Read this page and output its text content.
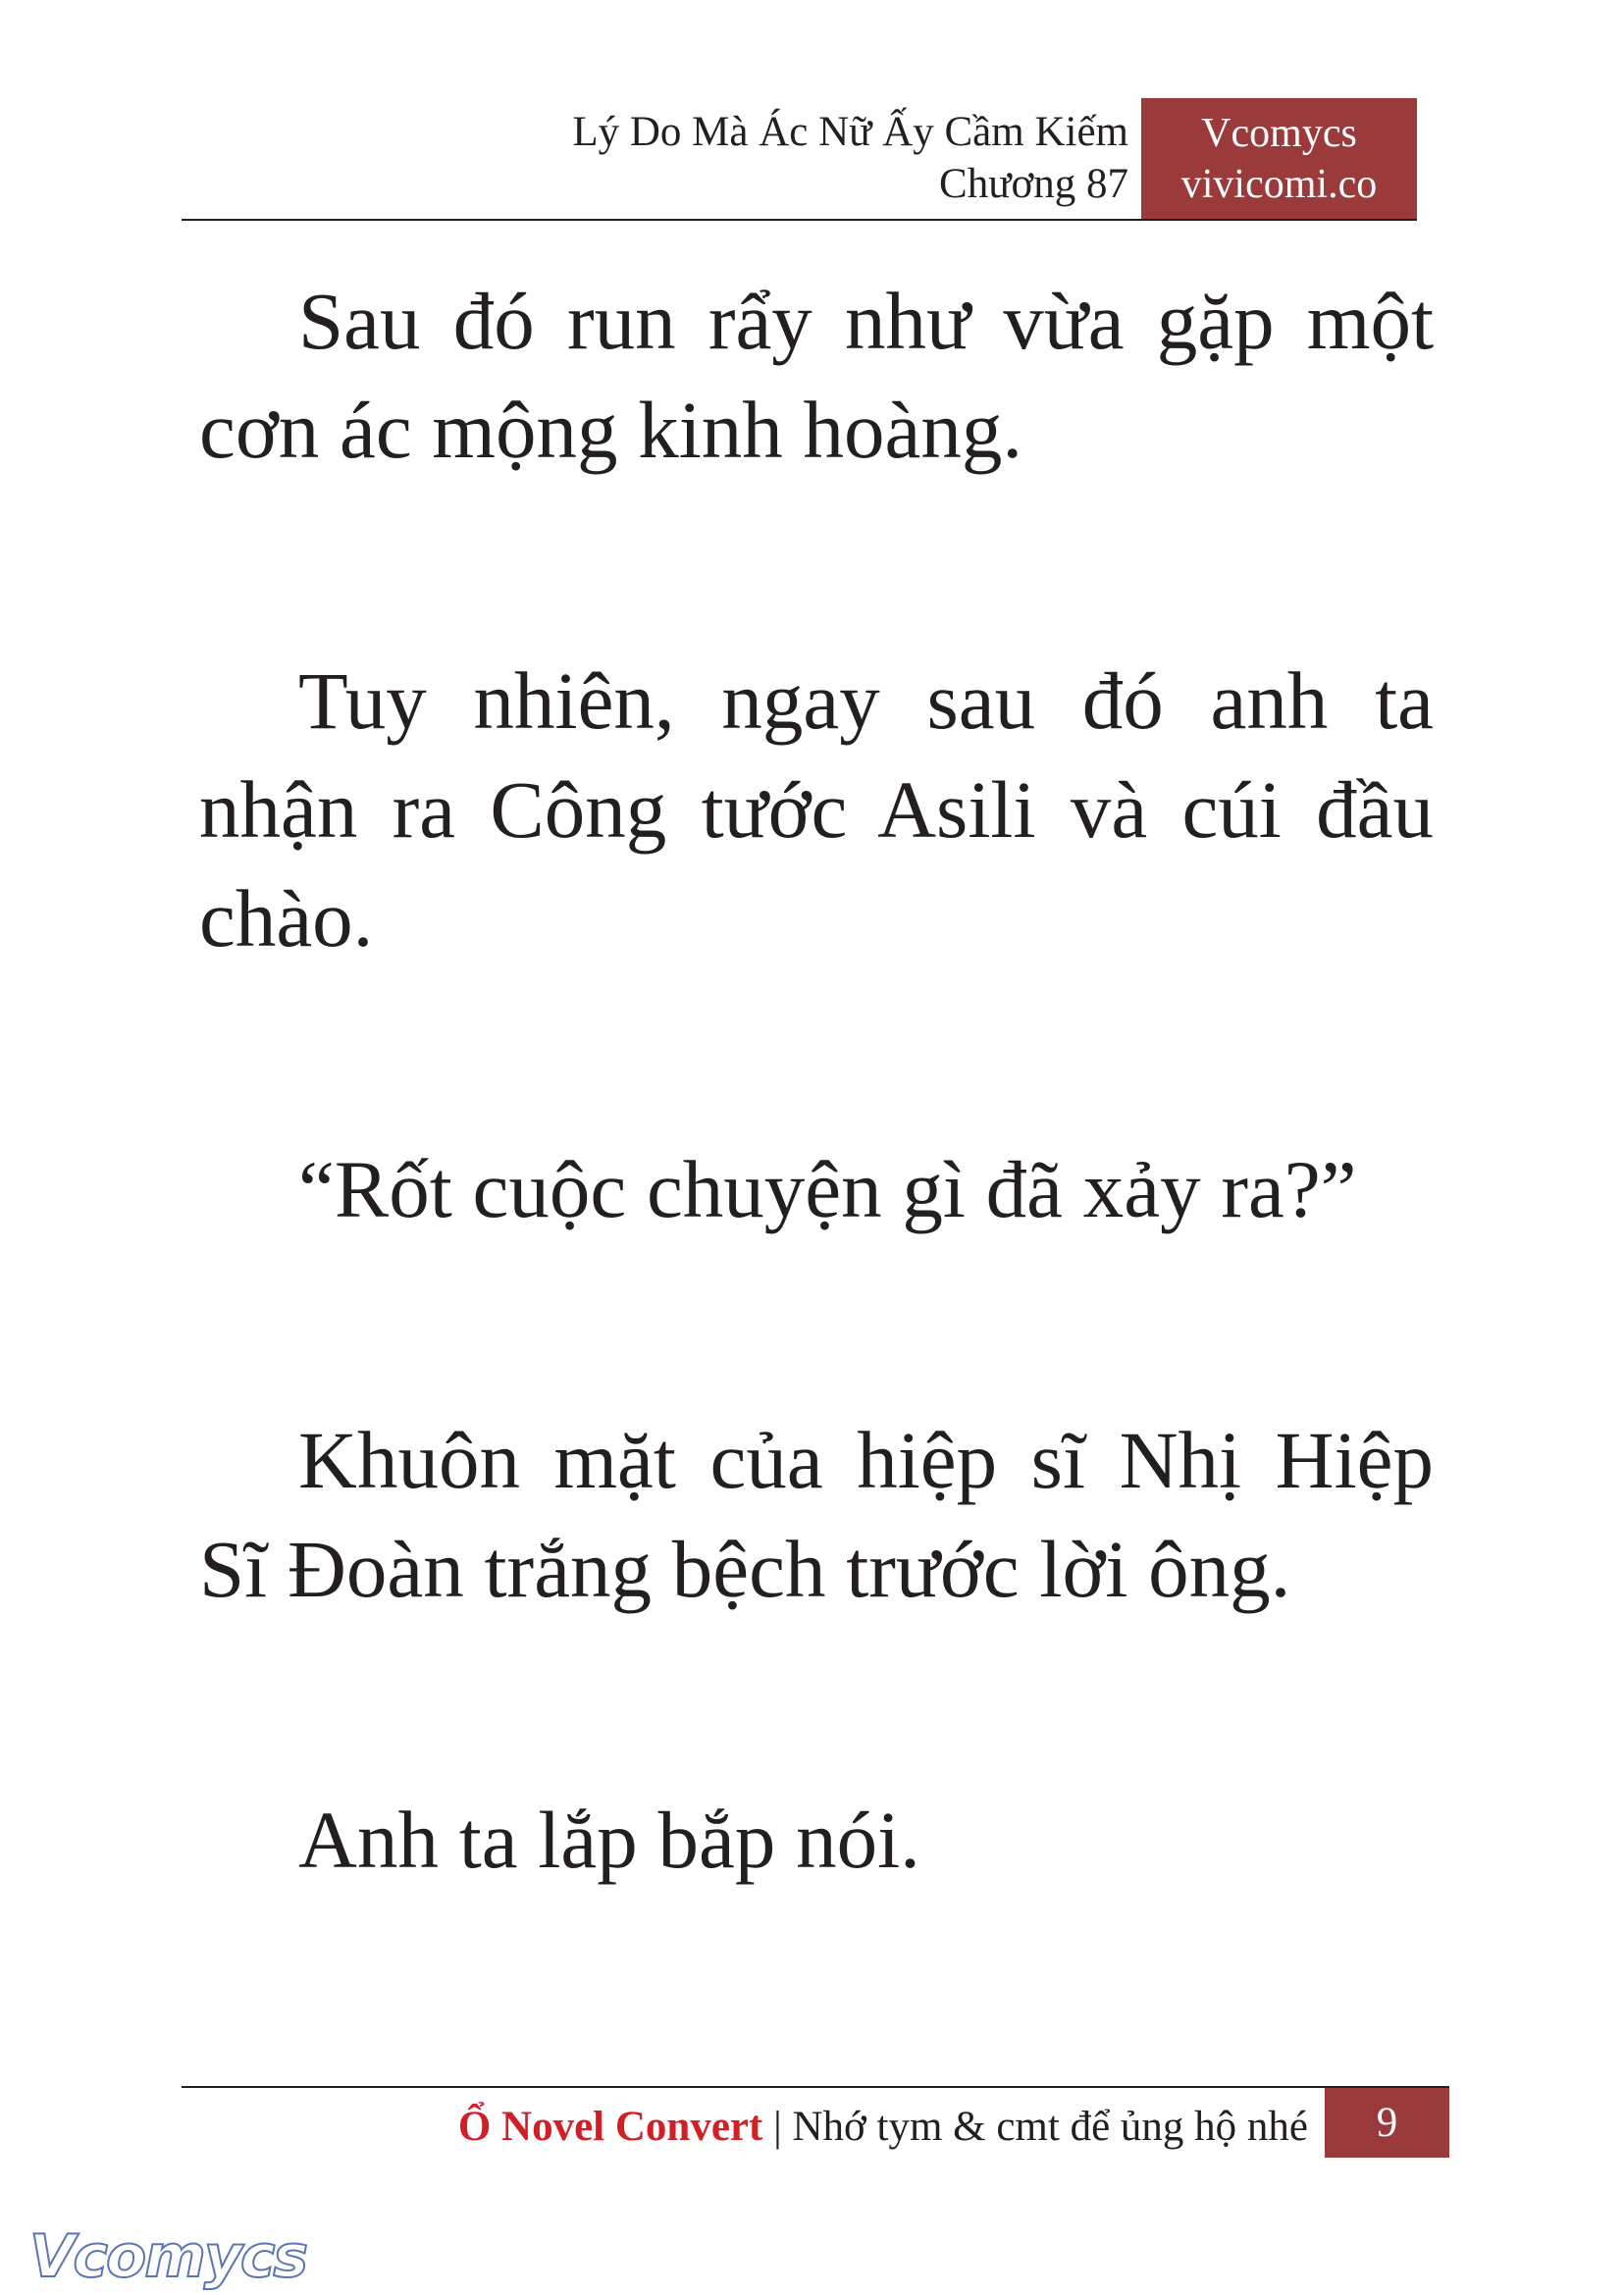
Lý Do Mà Ác Nữ Ấy Cầm Kiếm
Chương 87
Vcomycs
vivicomi.co

Sau đó run rẩy như vừa gặp một cơn ác mộng kinh hoàng.

Tuy nhiên, ngay sau đó anh ta nhận ra Công tước Asili và cúi đầu chào.

“Rốt cuộc chuyện gì đã xảy ra?”

Khuôn mặt của hiệp sĩ Nhị Hiệp Sĩ Đoàn trắng bệch trước lời ông.

Anh ta lắp bắp nói.

Ổ Novel Convert | Nhớ tym & cmt để ủng hộ nhé	9
Vcomycs
